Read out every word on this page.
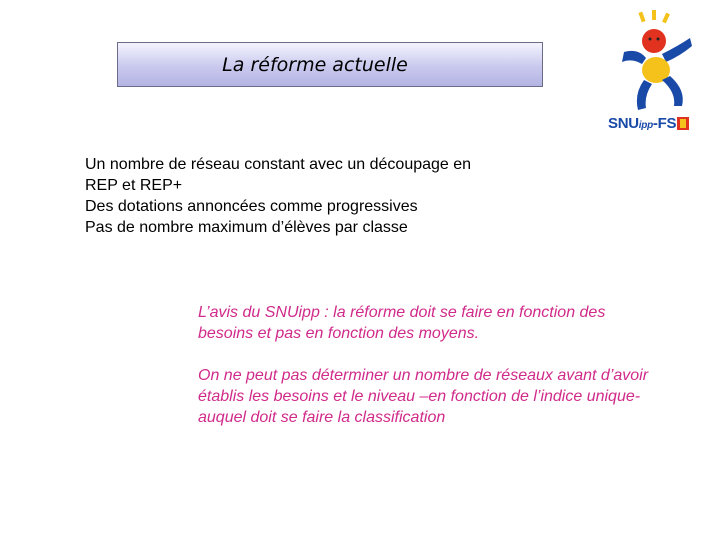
La réforme actuelle
SNUipp-FS
Un nombre de réseau constant avec un découpage en
REP et REP+
Des dotations annoncées comme progressives
Pas de nombre maximum d’élèves par classe

L’avis du SNUipp : la réforme doit se faire en fonction des besoins et pas en fonction des moyens.

On ne peut pas déterminer un nombre de réseaux avant d’avoir établis les besoins et le niveau –en fonction de l’indice unique- auquel doit se faire la classification
